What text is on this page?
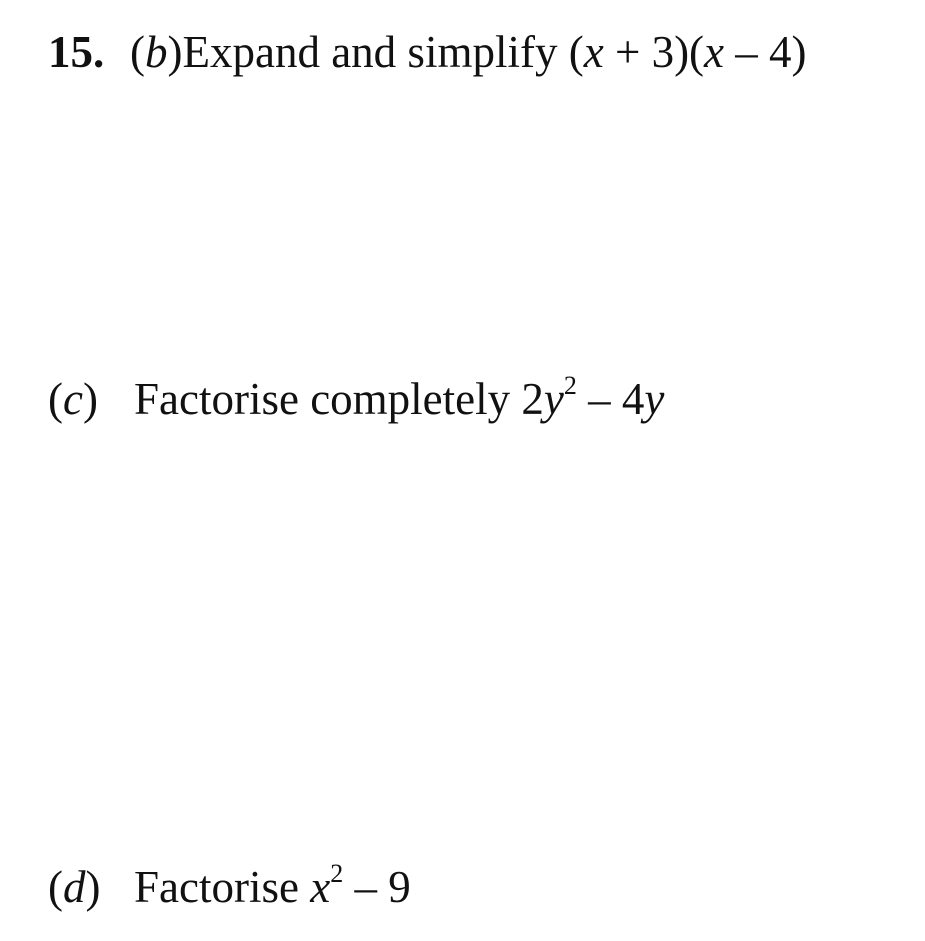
15. (b)Expand and simplify (x + 3)(x – 4)
(c) Factorise completely $2y^2 - 4y$
(d) Factorise $x^2 - 9$
